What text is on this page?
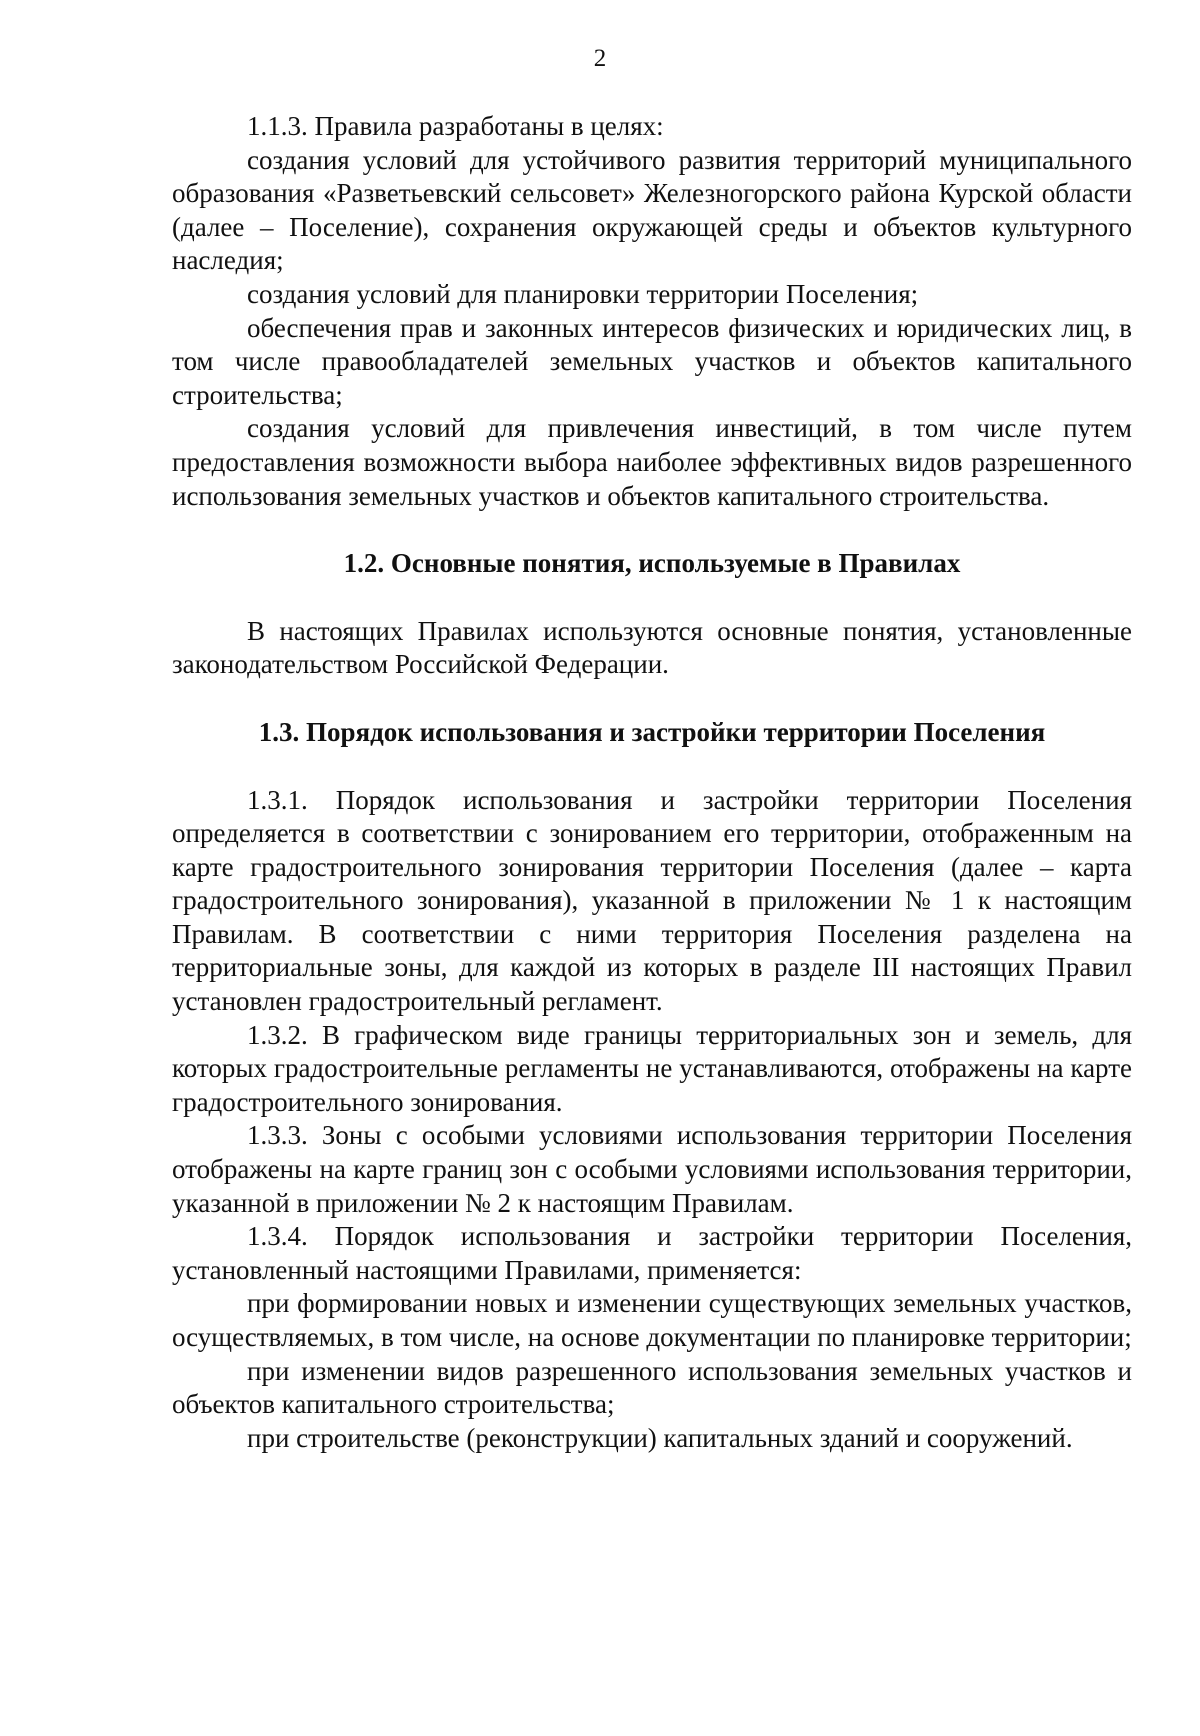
2

1.1.3. Правила разработаны в целях:

создания условий для устойчивого развития территорий муниципального образования «Разветьевский сельсовет» Железногорского района Курской области (далее – Поселение), сохранения окружающей среды и объектов культурного наследия;

создания условий для планировки территории Поселения;

обеспечения прав и законных интересов физических и юридических лиц, в том числе правообладателей земельных участков и объектов капитального строительства;

создания условий для привлечения инвестиций, в том числе путем предоставления возможности выбора наиболее эффективных видов разрешенного использования земельных участков и объектов капитального строительства.

1.2. Основные понятия, используемые в Правилах

В настоящих Правилах используются основные понятия, установленные законодательством Российской Федерации.

1.3. Порядок использования и застройки территории Поселения

1.3.1. Порядок использования и застройки территории Поселения определяется в соответствии с зонированием его территории, отображенным на карте градостроительного зонирования территории Поселения (далее – карта градостроительного зонирования), указанной в приложении № 1 к настоящим Правилам. В соответствии с ними территория Поселения разделена на территориальные зоны, для каждой из которых в разделе III настоящих Правил установлен градостроительный регламент.

1.3.2. В графическом виде границы территориальных зон и земель, для которых градостроительные регламенты не устанавливаются, отображены на карте градостроительного зонирования.

1.3.3. Зоны с особыми условиями использования территории Поселения отображены на карте границ зон с особыми условиями использования территории, указанной в приложении № 2 к настоящим Правилам.

1.3.4. Порядок использования и застройки территории Поселения, установленный настоящими Правилами, применяется:

при формировании новых и изменении существующих земельных участков, осуществляемых, в том числе, на основе документации по планировке территории;

при изменении видов разрешенного использования земельных участков и объектов капитального строительства;

при строительстве (реконструкции) капитальных зданий и сооружений.
